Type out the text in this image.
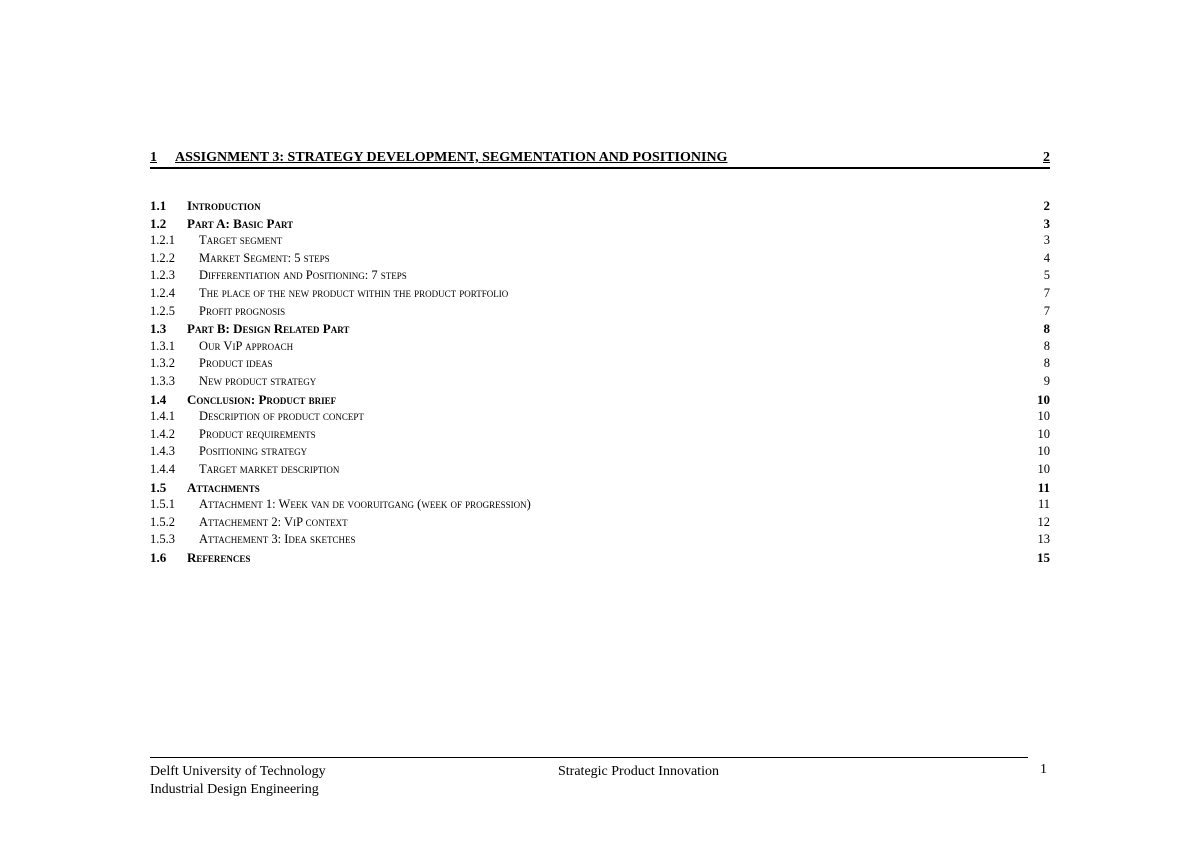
1	ASSIGNMENT 3: STRATEGY DEVELOPMENT, SEGMENTATION AND POSITIONING	2
1.1	Introduction	2
1.2	Part A: Basic Part	3
1.2.1	Target segment	3
1.2.2	Market Segment: 5 steps	4
1.2.3	Differentiation and Positioning: 7 steps	5
1.2.4	The place of the new product within the product portfolio	7
1.2.5	Profit prognosis	7
1.3	Part B: Design Related Part	8
1.3.1	Our ViP approach	8
1.3.2	Product ideas	8
1.3.3	New product strategy	9
1.4	Conclusion: Product brief	10
1.4.1	Description of product concept	10
1.4.2	Product requirements	10
1.4.3	Positioning strategy	10
1.4.4	Target market description	10
1.5	Attachments	11
1.5.1	Attachment 1: Week van de vooruitgang (week of progression)	11
1.5.2	Attachement 2: ViP context	12
1.5.3	Attachement 3: Idea sketches	13
1.6	References	15
Delft University of Technology	Strategic Product Innovation
Industrial Design Engineering
1
